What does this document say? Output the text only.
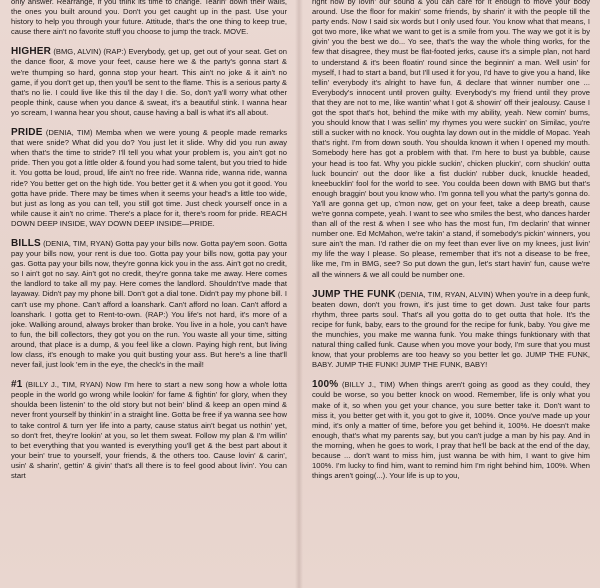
only answer. Rearrange, if you think its time to change. Tearin' down their walls, the ones you built around you. Don't you get caught up in the past. Use your history to help you through your future. Attitude, that's the one thing to keep true, cause there ain't no favorite stuff you choose to jump the track. MOVE.
HIGHER (BMG, ALVIN) (RAP:) Everybody, get up, get out of your seat. Get on the dance floor, & move your feet, cause here we & the party's gonna start & we're thumping so hard, gonna stop your heart. This ain't no joke & it ain't no game, if you don't get up, then you'll be sent to the flame. This is a serious party & that's no lie. I could live like this til the day I die. So, don't ya'll worry what other people think, cause when you dance & sweat, it's a beautiful stink. I wanna hear yo scream, I wanna hear you shout, cause having a ball is what it's all about.
PRIDE (DENIA, TIM) Memba when we were young & people made remarks that were snide? What did you do? You just let it slide. Why did you run away when that's the time to stride? I'll tell you what your problem is, you ain't got no pride. Then you got a little older & found you had some talent, but you tried to hide it. You gotta be loud, proud, life ain't no free ride. Wanna ride, wanna ride, wanna ride? You better get on the high tide. You better get it & when you got it good. You gotta have pride. There may be times when it seems your head's a little too wide, but just as long as you can tell, you still got time. Just check yourself once in a while cause it ain't no crime. There's a place for it, there's room for pride. REACH DOWN DEEP INSIDE, WAY DOWN DEEP INSIDE—PRIDE.
BILLS (DENIA, TIM, RYAN) Gotta pay your bills now. Gotta pay'em soon. Gotta pay your bills now, your rent is due too. Gotta pay your bills now, gotta pay your gas. Gotta pay your bills now, they're gonna kick you in the ass. Ain't got no credit, so I ain't got no say. Ain't got no credit, they're gonna take me away. Here comes the landlord to take all my pay. Here comes the landlord. Shouldn't've made that layaway. Didn't pay my phone bill. Don't got a dial tone. Didn't pay my phone bill. I can't use my phone. Can't afford a loanshark. Can't afford no loan. Can't afford a loanshark. I gotta get to Rent-to-own. (RAP:) You life's not hard, it's more of a joke. Walking around, always broker than broke. You live in a hole, you can't have to fun, the bill collectors, they got you on the run. You waste all your time, sitting around, that place is a dump, & you feel like a clown. Paying high rent, but living low class, it's enough to make you quit busting your ass. But here's a line that'll never fail, just look 'em in the eye, the check's in the mail!
#1 (BILLY J., TIM, RYAN) Now I'm here to start a new song how a whole lotta people in the world go wrong while lookin' for fame & fightin' for glory, when they shoulda been listenin' to the old story but not bein' blind & keep an open mind & never front yourself by thinkin' in a straight line. Gotta be free if ya wanna see how to take control & turn yer life into a party, cause status ain't begat us nothin' yet, so don't fret, they're lookin' at you, so let them sweat. Follow my plan & I'm willin' to bet everything that you wanted is everything you'll get & the best part about it your bein' true to yourself, your friends, & the others too. Cause lovin' & carin', usin' & sharin', gettin' & givin' that's all there is to feel good about livin'. You can start
right now by lovin' our sound & you can care for it enough to move your body around. Use the floor for makin' some friends, by sharin' it with the people till the party ends. Now I said six words but I only used four. You know what that means, I got two more, like what we want to get is a smile from you. The way we got it is by givin' you the best we do... Yo see, that's the way the whole thing works, for the few that disagree, they must be flat-footed jerks, cause it's a simple plan, not hard to understand & it's been floatin' round since the beginnin' a man. Well usin' for myself, I had to start a band, but I'll used it for you, I'd have to give you a hand, like tellin' everybody it's alright to have fun, & declare that winner number one ... Everybody's innocent until proven guilty. Everybody's my friend until they prove that they are not to me, like wantin' what I got & showin' off their jealousy. Cause I got the spot that's hot, behind the mike with my ability, yeah. New comin' bums, you should know that I was sellin' my rhymes you were suckin' on Similac, you're still a sucker with no knock. You oughta lay down out in the middle of Mopac. Yeah that's right. I'm from down south. You shoulda known it when I opened my mouth. Somebody here has got a problem with that. I'm here to bust ya bubble, cause your head is too fat. Why you pickle suckin', chicken pluckin', corn shuckin' outta luck bouncin' out the door like a fist duckin' rubber duck, knuckle headed, kneebucklin' fool for the world to see. You coulda been down with BMG but that's enough braggin' bout you know who. I'm gonna tell you what the party's gonna do. Ya'll are gonna get up, c'mon now, get on your feet, take a deep breath, cause we're gonna compete, yeah. I want to see who smiles the best, who dances harder than all of the rest & when I see who has the most fun, I'm declarin' that winner number one. Ed McMahon, we're takin' a stand, if somebody's pickin' winners, you sure ain't the man. I'd rather die on my feet than ever live on my knees, just livin' my life the way I please. So please, remember that it's not a disease to be free, like me, I'm in BMG, see? So put down the gun, let's start havin' fun, cause we're all the winners & we all could be number one.
JUMP THE FUNK (DENIA, TIM, RYAN, ALVIN) When you're in a deep funk, beaten down, don't you frown, it's just time to get down. Just take four parts rhythm, three parts soul. That's all you gotta do to get outta that hole. It's the recipe for funk, baby, ears to the ground for the recipe for funk, baby. You give me the munchies, you make me wanna funk. You make things funktionary with that natural thing called funk. Cause when you move your body, I'm sure that you must know, that your problems are too heavy so you better let go. JUMP THE FUNK, BABY. JUMP THE FUNK! JUMP THE FUNK, BABY!
100% (BILLY J., TIM) When things aren't going as good as they could, they could be worse, so you better knock on wood. Remember, life is only what you make of it, so when you get your chance, you sure better take it. Don't want to miss it, you better get with it, you got to give it, 100%. Once you've made up your mind, it's only a matter of time, before you get behind it, 100%. He doesn't make enough, that's what my parents say, but you can't judge a man by his pay. And in the morning, when he goes to work, I pray that he'll be back at the end of the day, because ... don't want to miss him, just wanna be with him, I want to give him 100%. I'm lucky to find him, want to remind him I'm right behind him, 100%. When things aren't going(...). Your life is up to you,
